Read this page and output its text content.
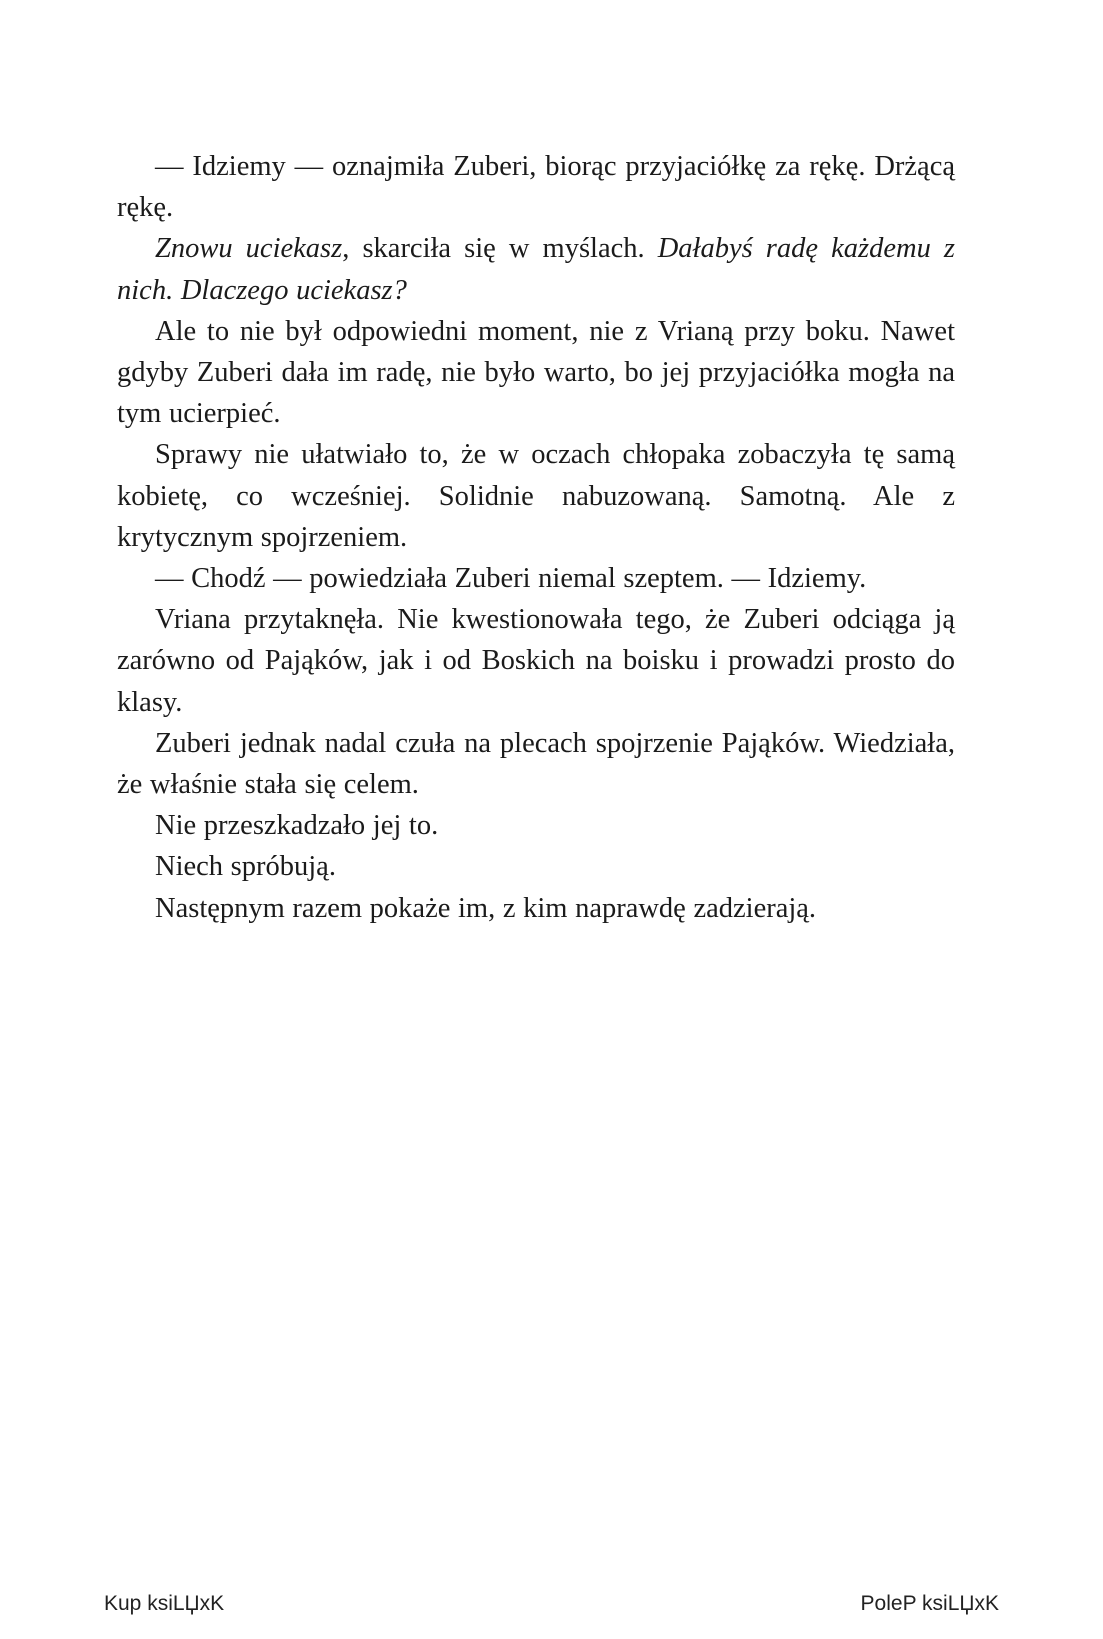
— Idziemy — oznajmiła Zuberi, biorąc przyjaciółkę za rękę. Drżącą rękę.

Znowu uciekasz, skarciła się w myślach. Dałabyś radę każdemu z nich. Dlaczego uciekasz?

Ale to nie był odpowiedni moment, nie z Vrianą przy boku. Nawet gdyby Zuberi dała im radę, nie było warto, bo jej przyjaciółka mogła na tym ucierpieć.

Sprawy nie ułatwiało to, że w oczach chłopaka zobaczyła tę samą kobietę, co wcześniej. Solidnie nabuzowaną. Samotną. Ale z krytycznym spojrzeniem.

— Chodź — powiedziała Zuberi niemal szeptem. — Idziemy.

Vriana przytaknęła. Nie kwestionowała tego, że Zuberi odciąga ją zarówno od Pająków, jak i od Boskich na boisku i prowadzi prosto do klasy.

Zuberi jednak nadal czuła na plecach spojrzenie Pająków. Wiedziała, że właśnie stała się celem.

Nie przeszkadzało jej to.

Niech spróbują.

Następnym razem pokaże im, z kim naprawdę zadzierają.

Kup ksiLЏxK	PoleP ksiLЏxK
